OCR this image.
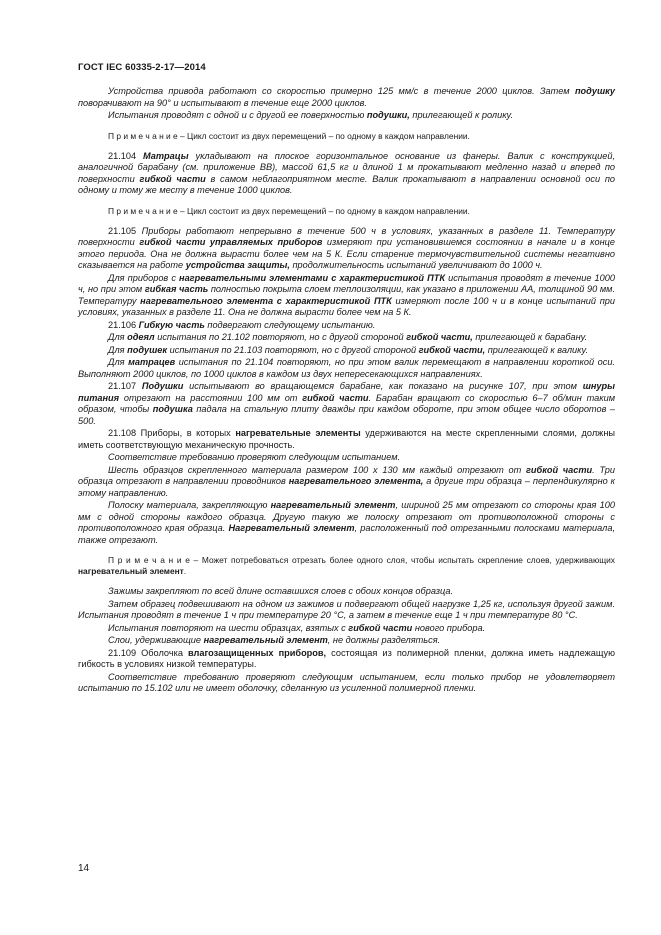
ГОСТ IEC 60335-2-17—2014

Устройства привода работают со скоростью примерно 125 мм/с в течение 2000 циклов. Затем подушку поворачивают на 90° и испытывают в течение еще 2000 циклов.

Испытания проводят с одной и с другой ее поверхностью подушки, прилегающей к ролику.

П р и м е ч а н и е – Цикл состоит из двух перемещений – по одному в каждом направлении.

21.104 Матрацы укладывают на плоское горизонтальное основание из фанеры. Валик с конструкцией, аналогичной барабану (см. приложение ВВ), массой 61,5 кг и длиной 1 м прокатывают медленно назад и вперед по поверхности гибкой части в самом неблагоприятном месте. Валик прокатывают в направлении основной оси по одному и тому же месту в течение 1000 циклов.

П р и м е ч а н и е – Цикл состоит из двух перемещений – по одному в каждом направлении.

21.105 Приборы работают непрерывно в течение 500 ч в условиях, указанных в разделе 11. Температуру поверхности гибкой части управляемых приборов измеряют при установившемся состоянии в начале и в конце этого периода. Она не должна вырасти более чем на 5 К. Если старение термочувствительной системы негативно сказывается на работе устройства защиты, продолжительность испытаний увеличивают до 1000 ч.

Для приборов с нагревательными элементами с характеристикой ПТК испытания проводят в течение 1000 ч, но при этом гибкая часть полностью покрыта слоем теплоизоляции, как указано в приложении АА, толщиной 90 мм. Температуру нагревательного элемента с характеристикой ПТК измеряют после 100 ч и в конце испытаний при условиях, указанных в разделе 11. Она не должна вырасти более чем на 5 К.

21.106 Гибкую часть подвергают следующему испытанию.

Для одеял испытания по 21.102 повторяют, но с другой стороной гибкой части, прилегающей к барабану.

Для подушек испытания по 21.103 повторяют, но с другой стороной гибкой части, прилегающей к валику.

Для матрацев испытания по 21.104 повторяют, но при этом валик перемещают в направлении короткой оси. Выполняют 2000 циклов, по 1000 циклов в каждом из двух непересекающихся направлениях.

21.107 Подушки испытывают во вращающемся барабане, как показано на рисунке 107, при этом шнуры питания отрезают на расстоянии 100 мм от гибкой части. Барабан вращают со скоростью 6–7 об/мин таким образом, чтобы подушка падала на стальную плиту дважды при каждом обороте, при этом общее число оборотов – 500.

21.108 Приборы, в которых нагревательные элементы удерживаются на месте скрепленными слоями, должны иметь соответствующую механическую прочность.

Соответствие требованию проверяют следующим испытанием.

Шесть образцов скрепленного материала размером 100 х 130 мм каждый отрезают от гибкой части. Три образца отрезают в направлении проводников нагревательного элемента, а другие три образца – перпендикулярно к этому направлению.

Полоску материала, закрепляющую нагревательный элемент, шириной 25 мм отрезают со стороны края 100 мм с одной стороны каждого образца. Другую такую же полоску отрезают от противоположной стороны с противоположного края образца. Нагревательный элемент, расположенный под отрезанными полосками материала, также отрезают.

П р и м е ч а н и е – Может потребоваться отрезать более одного слоя, чтобы испытать скрепление слоев, удерживающих нагревательный элемент.

Зажимы закрепляют по всей длине оставшихся слоев с обоих концов образца.

Затем образец подвешивают на одном из зажимов и подвергают общей нагрузке 1,25 кг, используя другой зажим. Испытания проводят в течение 1 ч при температуре 20 °С, а затем в течение еще 1 ч при температуре 80 °С.

Испытания повторяют на шести образцах, взятых с гибкой части нового прибора.

Слои, удерживающие нагревательный элемент, не должны разделяться.

21.109 Оболочка влагозащищенных приборов, состоящая из полимерной пленки, должна иметь надлежащую гибкость в условиях низкой температуры.

Соответствие требованию проверяют следующим испытанием, если только прибор не удовлетворяет испытанию по 15.102 или не имеет оболочку, сделанную из усиленной полимерной пленки.

14
